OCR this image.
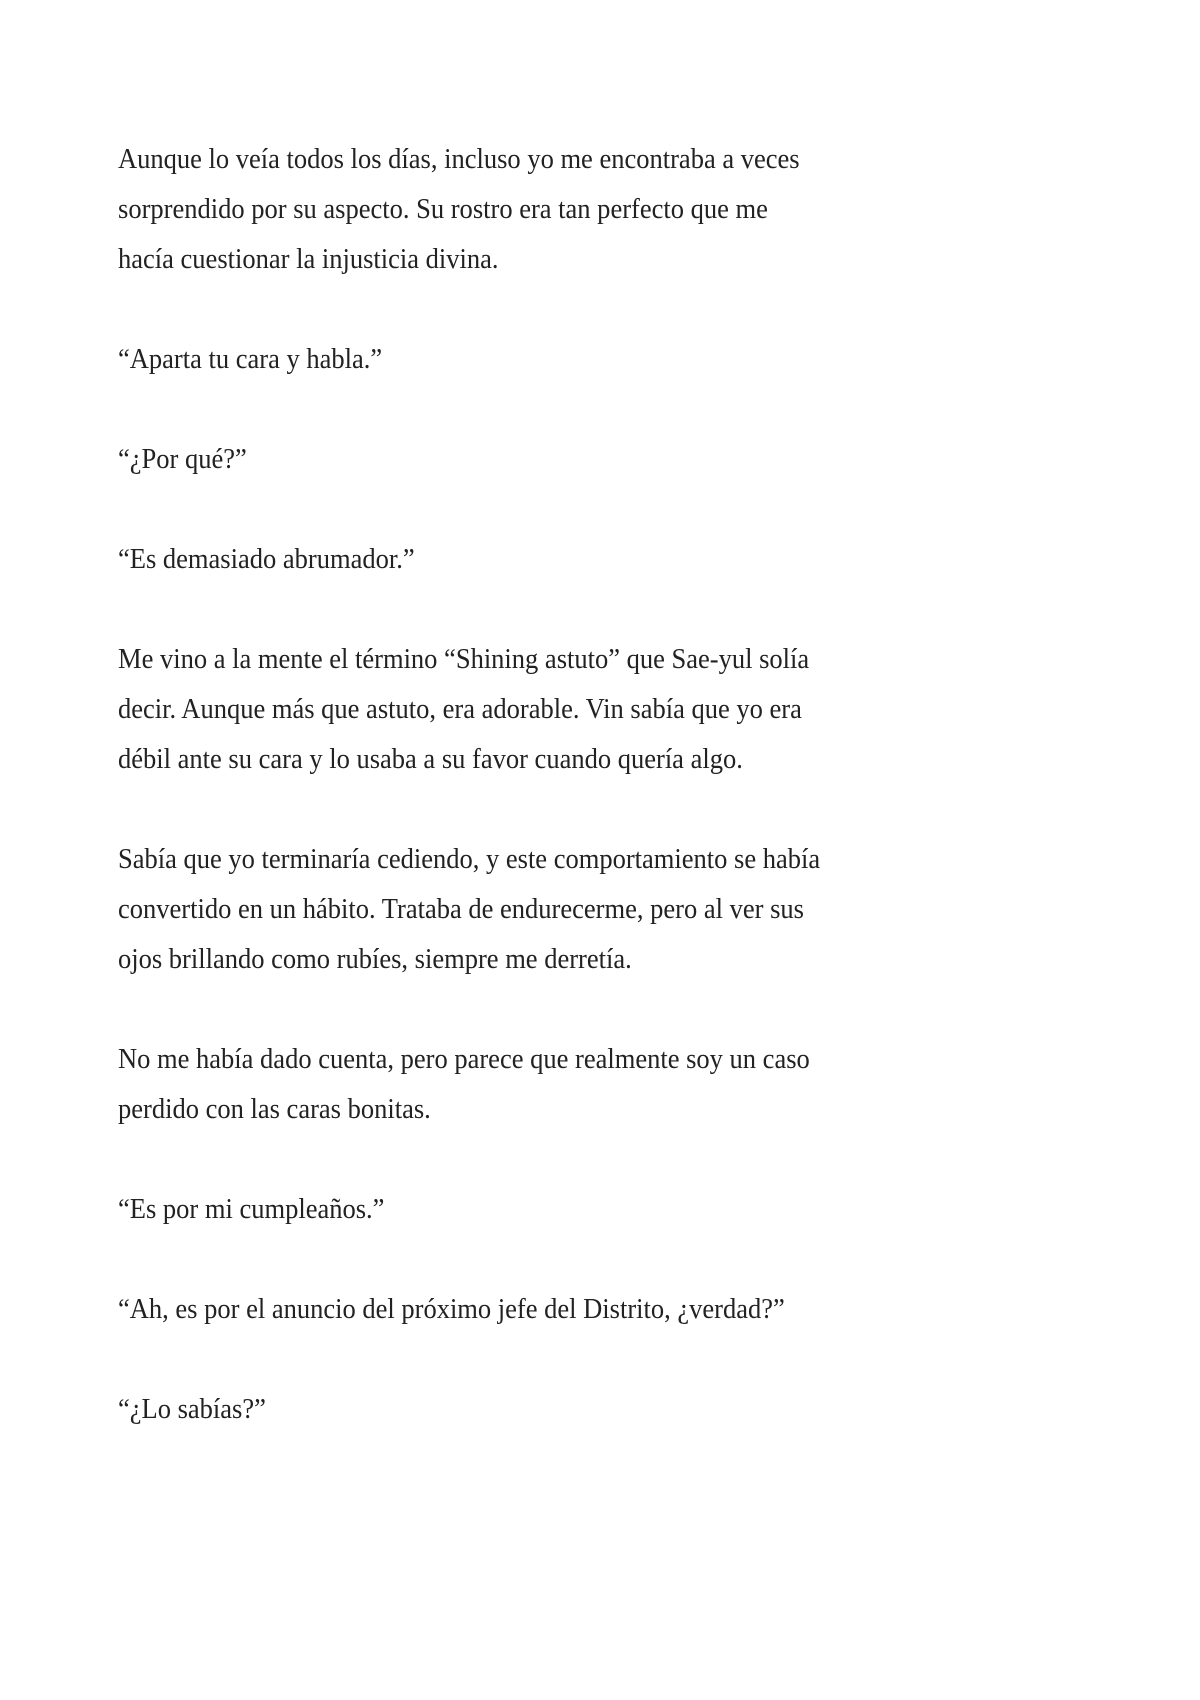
Aunque lo veía todos los días, incluso yo me encontraba a veces
sorprendido por su aspecto. Su rostro era tan perfecto que me
hacía cuestionar la injusticia divina.

“Aparta tu cara y habla.”

“¿Por qué?”

“Es demasiado abrumador.”

Me vino a la mente el término “Shining astuto” que Sae-yul solía
decir. Aunque más que astuto, era adorable. Vin sabía que yo era
débil ante su cara y lo usaba a su favor cuando quería algo.

Sabía que yo terminaría cediendo, y este comportamiento se había
convertido en un hábito. Trataba de endurecerme, pero al ver sus
ojos brillando como rubíes, siempre me derretía.

No me había dado cuenta, pero parece que realmente soy un caso
perdido con las caras bonitas.

“Es por mi cumpleaños.”

“Ah, es por el anuncio del próximo jefe del Distrito, ¿verdad?”

“¿Lo sabías?”
